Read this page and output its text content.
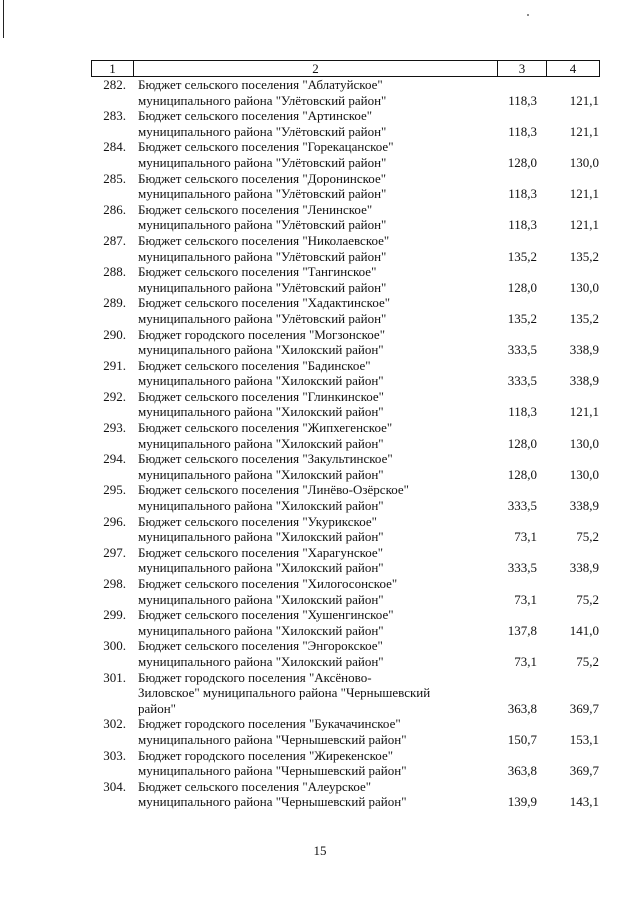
1	2	3	4
282.	Бюджет сельского поселения "Аблатуйское"
муниципального района "Улётовский район"	118,3	121,1
283.	Бюджет сельского поселения "Артинское"
муниципального района "Улётовский район"	118,3	121,1
284.	Бюджет сельского поселения "Горекацанское"
муниципального района "Улётовский район"	128,0	130,0
285.	Бюджет сельского поселения "Доронинское"
муниципального района "Улётовский район"	118,3	121,1
286.	Бюджет сельского поселения "Ленинское"
муниципального района "Улётовский район"	118,3	121,1
287.	Бюджет сельского поселения "Николаевское"
муниципального района "Улётовский район"	135,2	135,2
288.	Бюджет сельского поселения "Тангинское"
муниципального района "Улётовский район"	128,0	130,0
289.	Бюджет сельского поселения "Хадактинское"
муниципального района "Улётовский район"	135,2	135,2
290.	Бюджет городского поселения "Могзонское"
муниципального района "Хилокский район"	333,5	338,9
291.	Бюджет сельского поселения "Бадинское"
муниципального района "Хилокский район"	333,5	338,9
292.	Бюджет сельского поселения "Глинкинское"
муниципального района "Хилокский район"	118,3	121,1
293.	Бюджет сельского поселения "Жипхегенское"
муниципального района "Хилокский район"	128,0	130,0
294.	Бюджет сельского поселения "Закультинское"
муниципального района "Хилокский район"	128,0	130,0
295.	Бюджет сельского поселения "Линёво-Озёрское"
муниципального района "Хилокский район"	333,5	338,9
296.	Бюджет сельского поселения "Укурикское"
муниципального района "Хилокский район"	73,1	75,2
297.	Бюджет сельского поселения "Харагунское"
муниципального района "Хилокский район"	333,5	338,9
298.	Бюджет сельского поселения "Хилогосонское"
муниципального района "Хилокский район"	73,1	75,2
299.	Бюджет сельского поселения "Хушенгинское"
муниципального района "Хилокский район"	137,8	141,0
300.	Бюджет сельского поселения "Энгорокское"
муниципального района "Хилокский район"	73,1	75,2
301.	Бюджет городского поселения "Аксёново-
Зиловское" муниципального района "Чернышевский
район"	363,8	369,7
302.	Бюджет городского поселения "Букачачинское"
муниципального района "Чернышевский район"	150,7	153,1
303.	Бюджет городского поселения "Жирекенское"
муниципального района "Чернышевский район"	363,8	369,7
304.	Бюджет сельского поселения "Алеурское"
муниципального района "Чернышевский район"	139,9	143,1
15
